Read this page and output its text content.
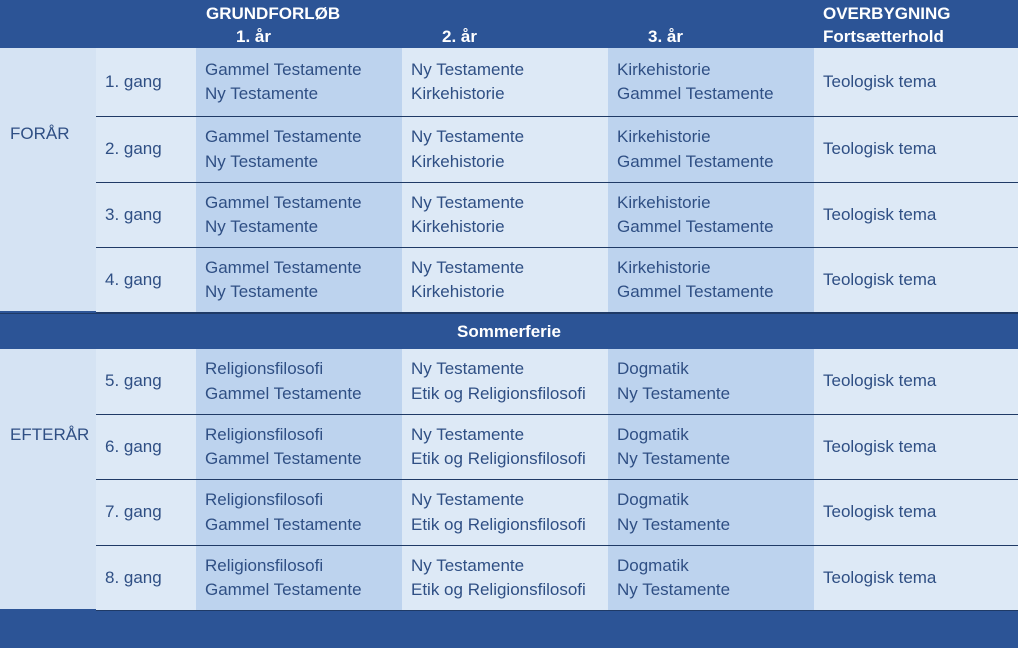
GRUNDFORLØB
1. år	2. år	3. år
OVERBYGNING
Fortsætterhold
FORÅR
Sommerferie
EFTERÅR
1. gang
Gammel Testamente
Ny Testamente
Ny Testamente
Kirkehistorie
Kirkehistorie
Gammel Testamente
Teologisk tema
2. gang
Gammel Testamente
Ny Testamente
Ny Testamente
Kirkehistorie
Kirkehistorie
Gammel Testamente
Teologisk tema
3. gang
Gammel Testamente
Ny Testamente
Ny Testamente
Kirkehistorie
Kirkehistorie
Gammel Testamente
Teologisk tema
4. gang
Gammel Testamente
Ny Testamente
Ny Testamente
Kirkehistorie
Kirkehistorie
Gammel Testamente
Teologisk tema
5. gang
Religionsfilosofi
Gammel Testamente
Ny Testamente
Etik og Religionsfilosofi
Dogmatik
Ny Testamente
Teologisk tema
6. gang
Religionsfilosofi
Gammel Testamente
Ny Testamente
Etik og Religionsfilosofi
Dogmatik
Ny Testamente
Teologisk tema
7. gang
Religionsfilosofi
Gammel Testamente
Ny Testamente
Etik og Religionsfilosofi
Dogmatik
Ny Testamente
Teologisk tema
8. gang
Religionsfilosofi
Gammel Testamente
Ny Testamente
Etik og Religionsfilosofi
Dogmatik
Ny Testamente
Teologisk tema
